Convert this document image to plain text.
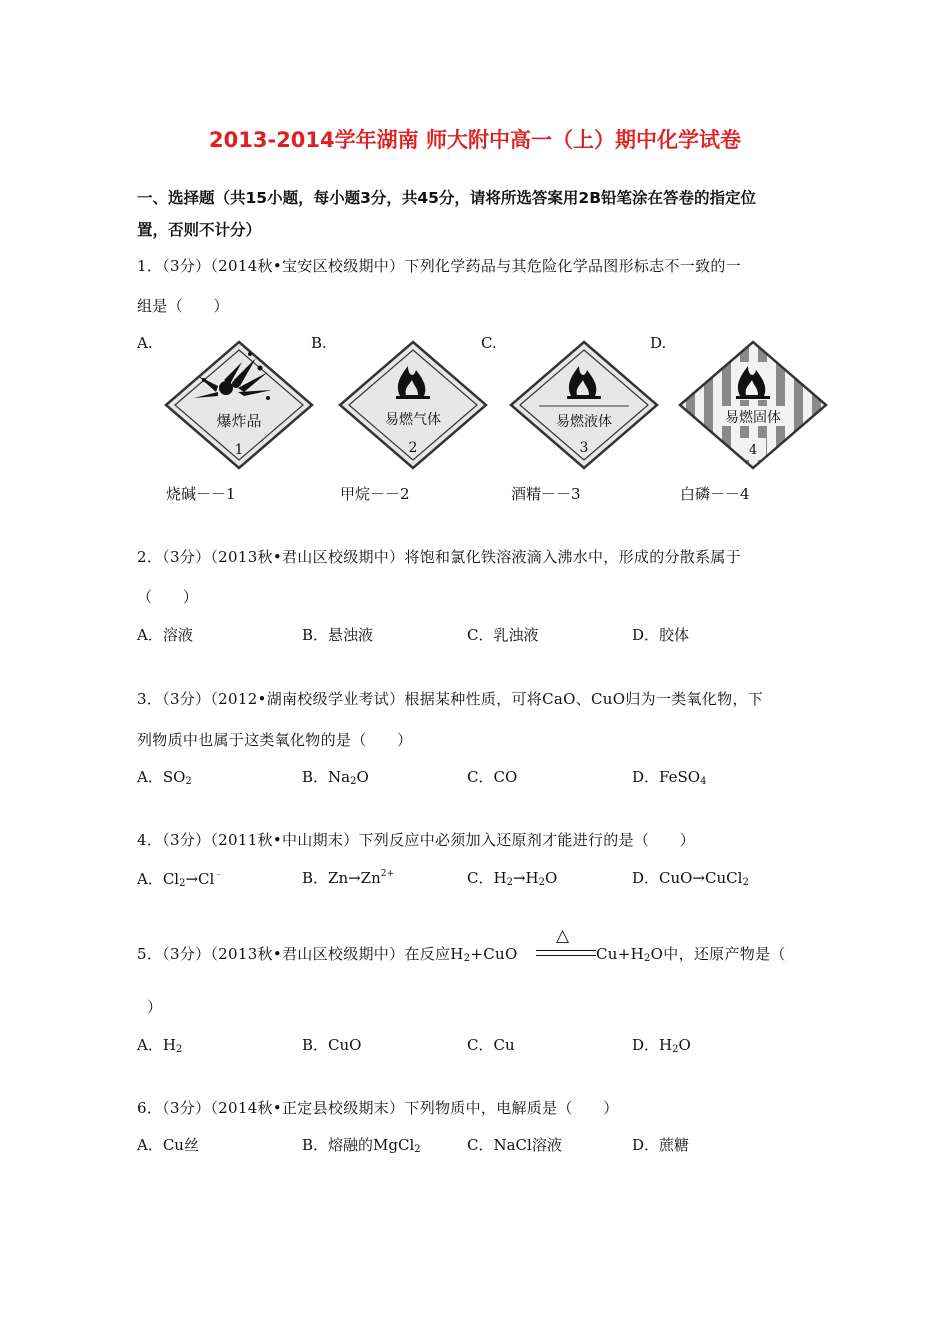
2013-2014学年湖南 师大附中高一（上）期中化学试卷
一、选择题（共15小题，每小题3分，共45分，请将所选答案用2B铅笔涂在答卷的指定位
置，否则不计分）
1．（3分）（2014秋•宝安区校级期中）下列化学药品与其危险化学品图形标志不一致的一
组是（　　）
A.	B.	C.	D.
爆炸品
1
易燃气体
2
易燃液体
3
易燃固体
4
烧碱－－1	甲烷－－2	酒精－－3	白磷－－4
2．（3分）（2013秋•君山区校级期中）将饱和氯化铁溶液滴入沸水中，形成的分散系属于
（　　）
A．溶液	B．悬浊液	C．乳浊液	D．胶体
3．（3分）（2012•湖南校级学业考试）根据某种性质，可将CaO、CuO归为一类氧化物，下
列物质中也属于这类氧化物的是（　　）
A．$SO_2$	B．$Na_2O$	C．CO	D．FeSO$_4$
4．（3分）（2011秋•中山期末）下列反应中必须加入还原剂才能进行的是（　　）
A．$Cl_2\to Cl^﹣$	B．$Zn\to Zn^{2+}$	C．$H_2\to H_2O$	D．CuO→CuCl$_2$
5．（3分）（2013秋•君山区校级期中）在反应$H_2+CuO$
△
$Cu+H_2O$中，还原产物是（
）
A．$H_2$	B．CuO	C．Cu	D．$H_2O$
6．（3分）（2014秋•正定县校级期末）下列物质中，电解质是（　　）
A．Cu丝	B．熔融的MgCl$_2$	C．NaCl溶液	D．蔗糖
